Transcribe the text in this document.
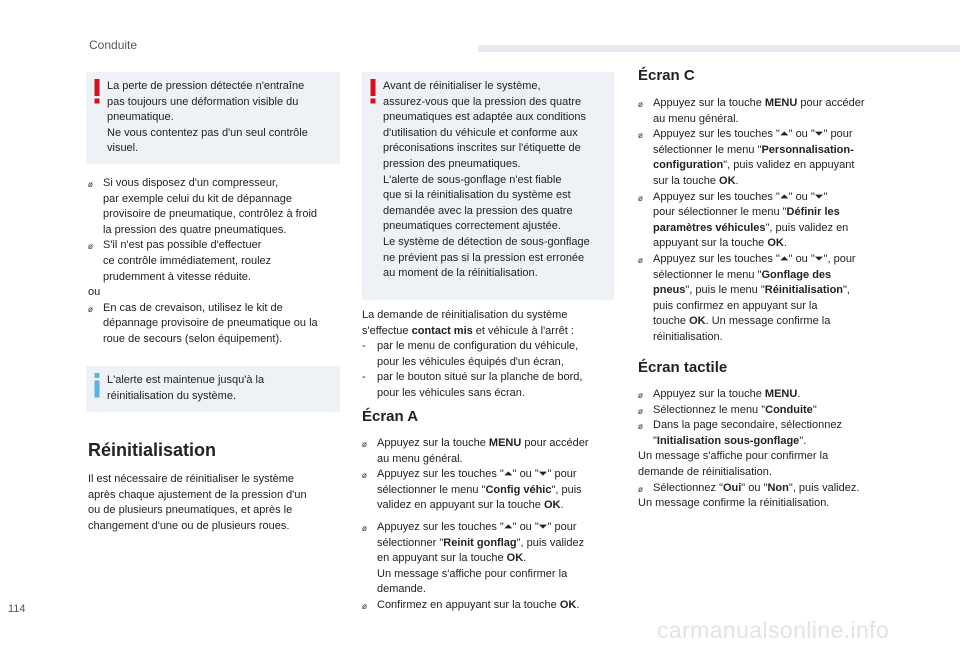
Conduite
La perte de pression détectée n'entraîne
pas toujours une déformation visible du
pneumatique.
Ne vous contentez pas d'un seul contrôle
visuel.
ø Si vous disposez d'un compresseur,
par exemple celui du kit de dépannage
provisoire de pneumatique, contrôlez à froid
la pression des quatre pneumatiques.
ø S'il n'est pas possible d'effectuer
ce contrôle immédiatement, roulez
prudemment à vitesse réduite.
ou
ø En cas de crevaison, utilisez le kit de
dépannage provisoire de pneumatique ou la
roue de secours (selon équipement).
L'alerte est maintenue jusqu'à la
réinitialisation du système.
Réinitialisation
Il est nécessaire de réinitialiser le système
après chaque ajustement de la pression d'un
ou de plusieurs pneumatiques, et après le
changement d'une ou de plusieurs roues.
Avant de réinitialiser le système,
assurez-vous que la pression des quatre
pneumatiques est adaptée aux conditions
d'utilisation du véhicule et conforme aux
préconisations inscrites sur l'étiquette de
pression des pneumatiques.
L'alerte de sous-gonflage n'est fiable
que si la réinitialisation du système est
demandée avec la pression des quatre
pneumatiques correctement ajustée.
Le système de détection de sous-gonflage
ne prévient pas si la pression est erronée
au moment de la réinitialisation.
La demande de réinitialisation du système
s'effectue contact mis et véhicule à l'arrêt :
- par le menu de configuration du véhicule,
pour les véhicules équipés d'un écran,
- par le bouton situé sur la planche de bord,
pour les véhicules sans écran.
Écran A
ø Appuyez sur la touche MENU pour accéder
au menu général.
ø Appuyez sur les touches "⏶" ou "⏷" pour
sélectionner le menu "Config véhic", puis
validez en appuyant sur la touche OK.
ø Appuyez sur les touches "⏶" ou "⏷" pour
sélectionner "Reinit gonflag", puis validez
en appuyant sur la touche OK.
Un message s'affiche pour confirmer la
demande.
ø Confirmez en appuyant sur la touche OK.
Écran C
ø Appuyez sur la touche MENU pour accéder
au menu général.
ø Appuyez sur les touches "⏶" ou "⏷" pour
sélectionner le menu "Personnalisation-
configuration", puis validez en appuyant
sur la touche OK.
ø Appuyez sur les touches "⏶" ou "⏷"
pour sélectionner le menu "Définir les
paramètres véhicules", puis validez en
appuyant sur la touche OK.
ø Appuyez sur les touches "⏶" ou "⏷", pour
sélectionner le menu "Gonflage des
pneus", puis le menu "Réinitialisation",
puis confirmez en appuyant sur la
touche OK. Un message confirme la
réinitialisation.
Écran tactile
ø Appuyez sur la touche MENU.
ø Sélectionnez le menu "Conduite"
ø Dans la page secondaire, sélectionnez
"Initialisation sous-gonflage".
Un message s'affiche pour confirmer la
demande de réinitialisation.
ø Sélectionnez "Oui" ou "Non", puis validez.
Un message confirme la réinitialisation.
114
carmanualsonline.info
